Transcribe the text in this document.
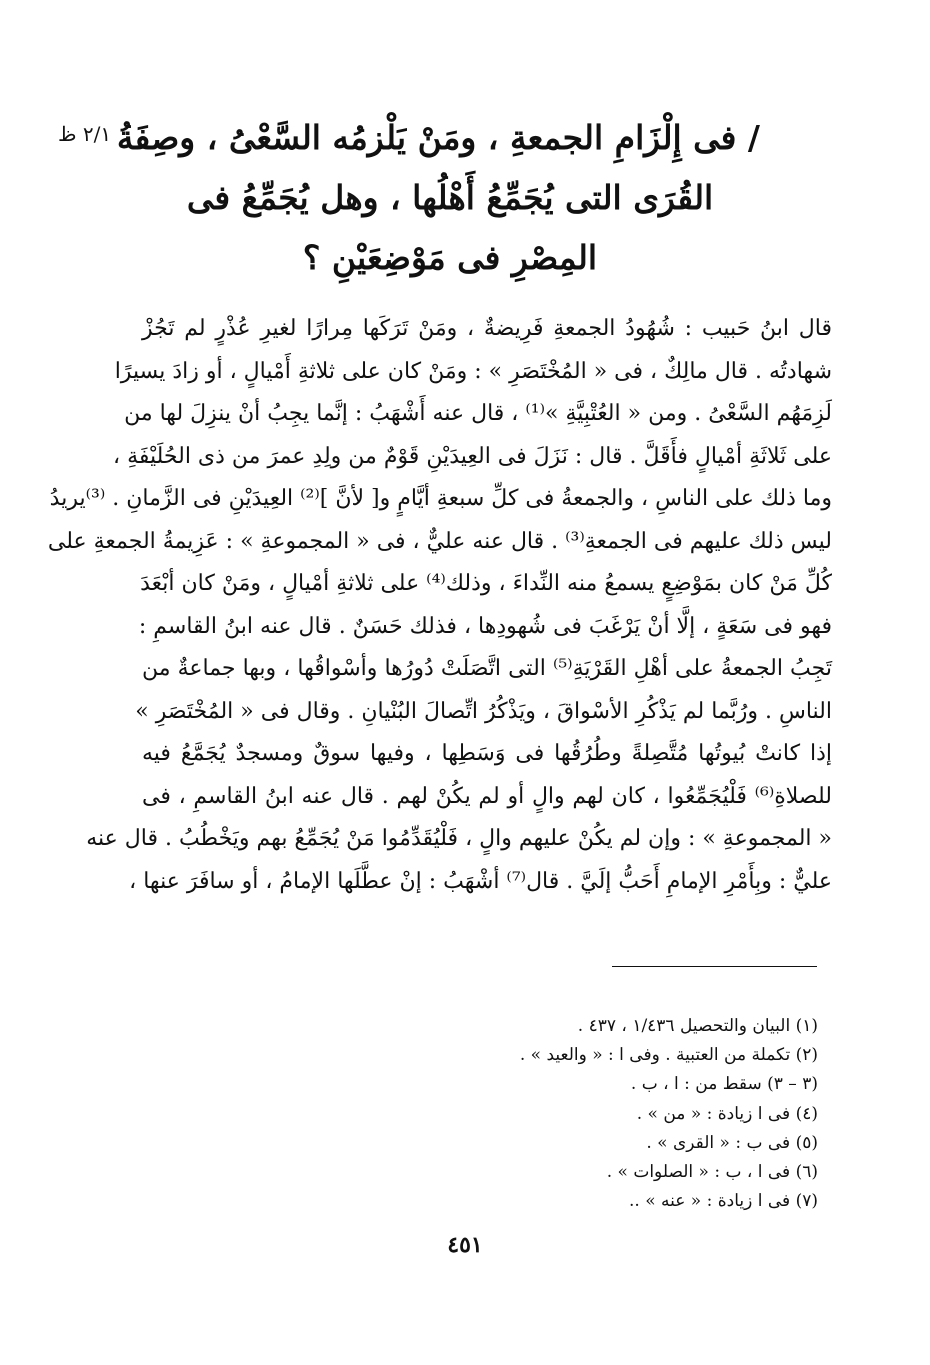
٢/١ ظ / فى إِلْزَامِ الجمعةِ ، ومَنْ يَلْزمُه السَّعْىُ ، وصِفَةُ
القُرَى التى يُجَمِّعُ أَهْلُها ، وهل يُجَمِّعُ فى
المِصْرِ فى مَوْضِعَيْنِ ؟
قال ابنُ حَبيب : شُهُودُ الجمعةِ فَرِيضةٌ ، ومَنْ تَرَكَها مِرارًا لغيرِ عُذْرٍ لم تَجُزْ
شهادتُه . قال مالِكٌ ، فى « المُخْتَصَرِ » : ومَنْ كان على ثلاثةِ أَمْيالٍ ، أو زادَ يسيرًا
لَزِمَهُم السَّعْىُ . ومن « العُتْبِيَّةِ »⁽¹⁾ ، قال عنه أَشْهَبُ : إنَّما يجِبُ أنْ ينزِلَ لها من
على ثَلاثَةِ أمْيالٍ فأَقَلَّ . قال : نَزَلَ فى العِيدَيْنِ قَوْمٌ من ولِدِ عمرَ من ذى الحُلَيْفَةِ ،
وما ذلك على الناسِ ، والجمعةُ فى كلِّ سبعةِ أيَّامٍ و[ لأنَّ ]⁽²⁾ العِيدَيْنِ فى الزَّمانِ . ⁽³⁾يريدُ
ليس ذلك عليهم فى الجمعةِ⁽³⁾ . قال عنه عليٌّ ، فى « المجموعةِ » : عَزِيمةُ الجمعةِ على
كُلِّ مَنْ كان بمَوْضِعٍ يسمعُ منه النِّداءَ ، وذلك⁽⁴⁾ على ثلاثةِ أمْيالٍ ، ومَنْ كان أبْعَدَ
فهو فى سَعَةٍ ، إلَّا أنْ يَرْغَبَ فى شُهودِها ، فذلك حَسَنٌ . قال عنه ابنُ القاسمِ :
تَجِبُ الجمعةُ على أهْلِ القَرْيَةِ⁽⁵⁾ التى اتَّصَلَتْ دُورُها وأسْواقُها ، وبها جماعةٌ من
الناسِ . ورُبَّما لم يَذْكُرِ الأسْواقَ ، ويَذْكُرُ اتِّصالَ البُنْيانِ . وقال فى « المُخْتَصَرِ »
إذا كانتْ بُيوتُها مُتَّصِلةً وطُرُقُها فى وَسَطِها ، وفيها سوقٌ ومسجدٌ يُجَمَّعُ فيه
للصلاةِ⁽⁶⁾ فَلْيُجَمِّعُوا ، كان لهم والٍ أو لم يكُنْ لهم . قال عنه ابنُ القاسمِ ، فى
« المجموعةِ » : وإن لم يكُنْ عليهم والٍ ، فَلْيُقَدِّمُوا مَنْ يُجَمِّعُ بهم ويَخْطُبُ . قال عنه
عليٌّ : وبِأَمْرِ الإمامِ أَحَبُّ إلَيَّ . قال⁽⁷⁾ أشْهَبُ : إنْ عطَّلَها الإمامُ ، أو سافَرَ عنها ،
(١) البيان والتحصيل ١/٤٣٦ ، ٤٣٧ .
(٢) تكملة من العتبية . وفى ا : « والعيد » .
(٣ – ٣) سقط من : ا ، ب .
(٤) فى ا زيادة : « من » .
(٥) فى ب : « القرى » .
(٦) فى ا ، ب : « الصلوات » .
(٧) فى ا زيادة : « عنه » ..
٤٥١
